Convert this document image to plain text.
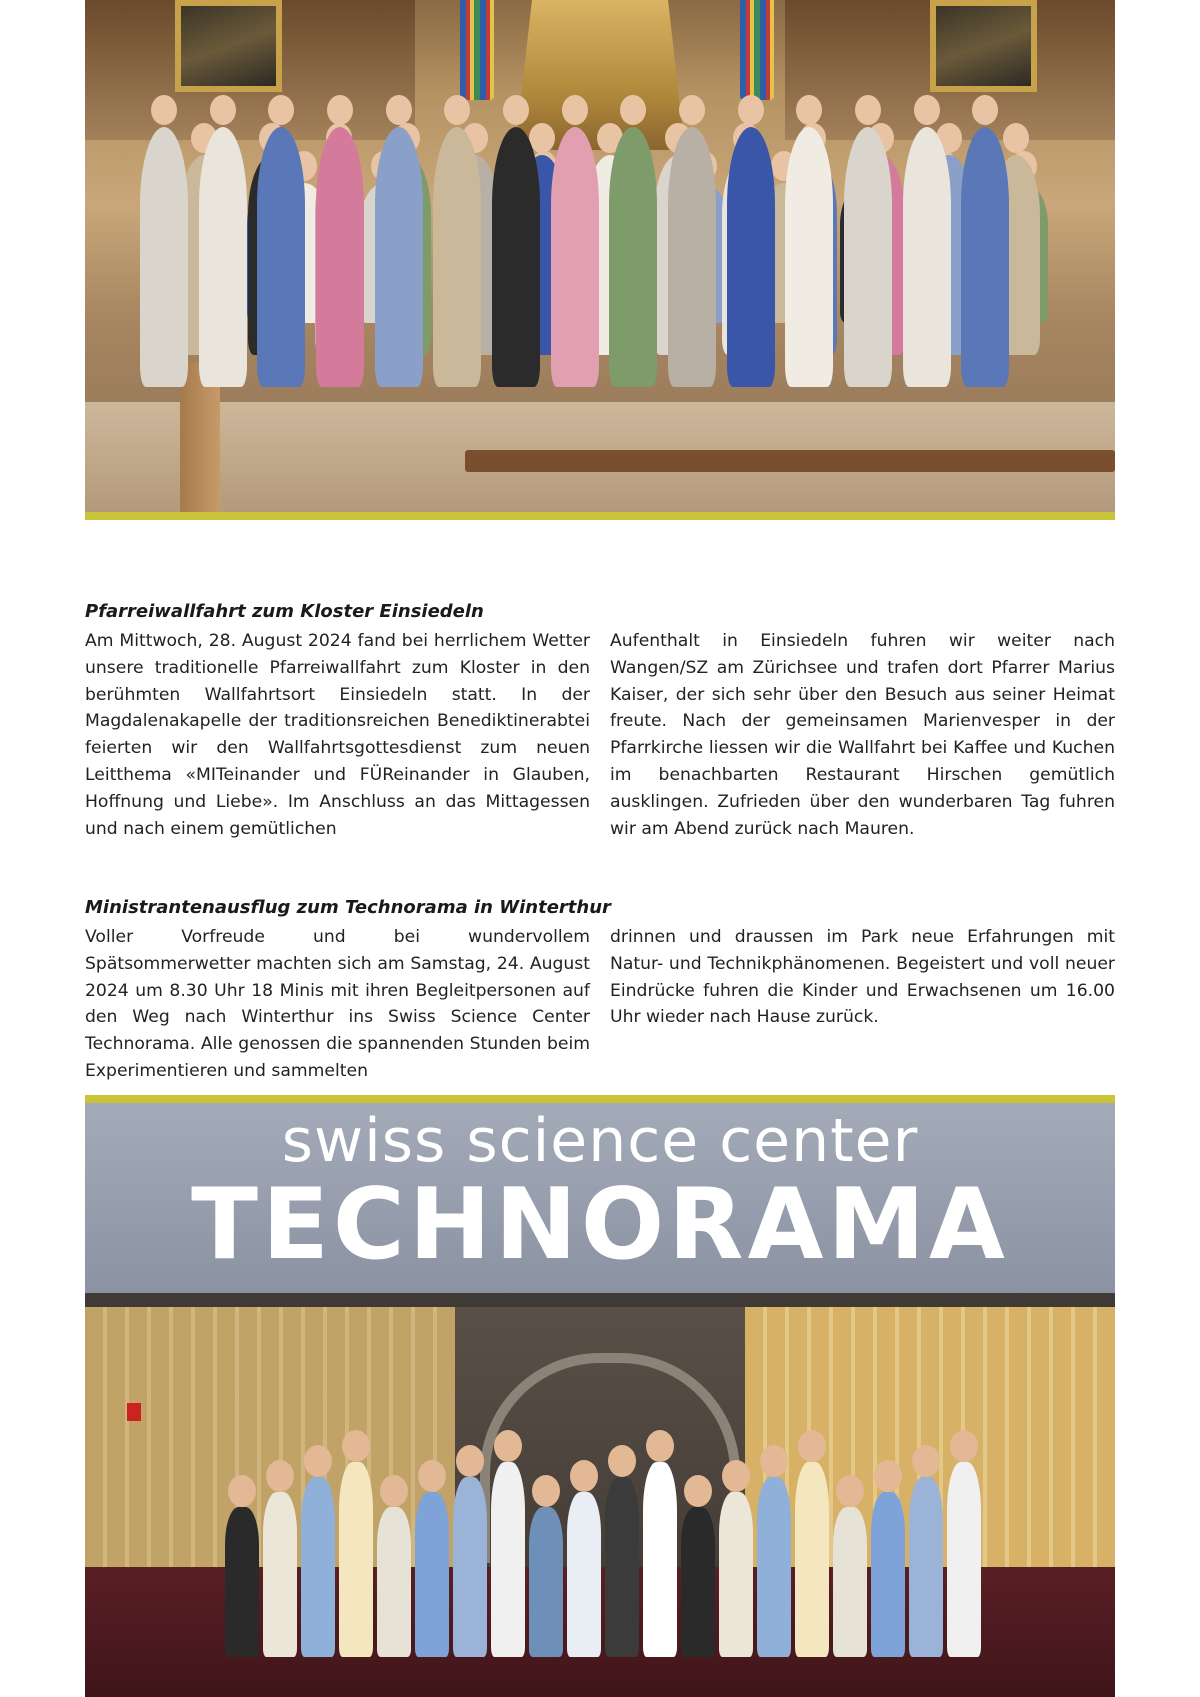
Pfarreiwallfahrt zum Kloster Einsiedeln
Am Mittwoch, 28. August 2024 fand bei herrlichem Wetter unsere traditionelle Pfarreiwallfahrt zum Kloster in den berühmten Wallfahrtsort Einsiedeln statt. In der Magdalenakapelle der traditionsreichen Benediktinerabtei feierten wir den Wallfahrtsgottesdienst zum neuen Leitthema «MITeinander und FÜReinander in Glauben, Hoffnung und Liebe». Im Anschluss an das Mittagessen und nach einem gemütlichen
Aufenthalt in Einsiedeln fuhren wir weiter nach Wangen/SZ am Zürichsee und trafen dort Pfarrer Marius Kaiser, der sich sehr über den Besuch aus seiner Heimat freute. Nach der gemeinsamen Marienvesper in der Pfarrkirche liessen wir die Wallfahrt bei Kaffee und Kuchen im benachbarten Restaurant Hirschen gemütlich ausklingen. Zufrieden über den wunderbaren Tag fuhren wir am Abend zurück nach Mauren.
Ministrantenausflug zum Technorama in Winterthur
Voller Vorfreude und bei wundervollem Spätsommerwetter machten sich am Samstag, 24. August 2024 um 8.30 Uhr 18 Minis mit ihren Begleitpersonen auf den Weg nach Winterthur ins Swiss Science Center Technorama. Alle genossen die spannenden Stunden beim Experimentieren und sammelten
drinnen und draussen im Park neue Erfahrungen mit Natur- und Technikphänomenen. Begeistert und voll neuer Eindrücke fuhren die Kinder und Erwachsenen um 16.00 Uhr wieder nach Hause zurück.
swiss science center
TECHNORAMA
